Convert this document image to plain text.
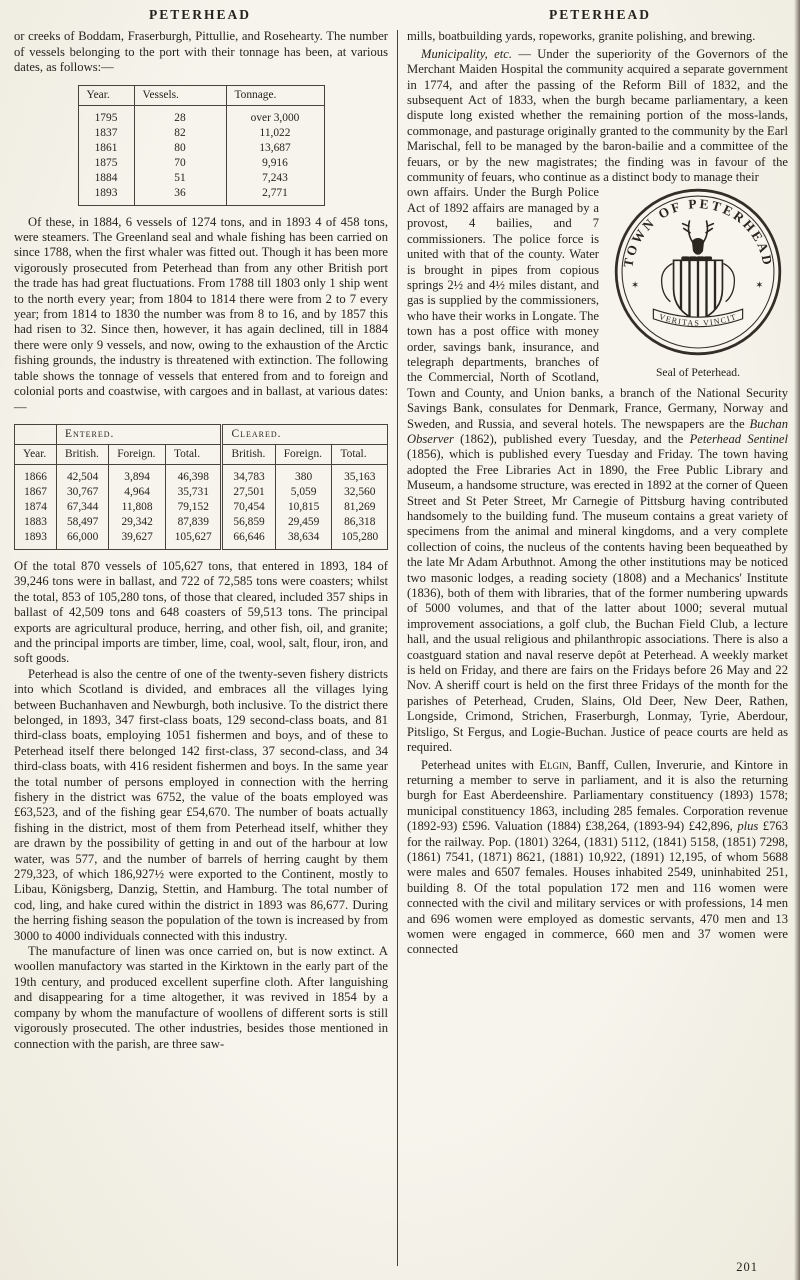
PETERHEAD	PETERHEAD

or creeks of Boddam, Fraserburgh, Pittullie, and Rosehearty. The number of vessels belonging to the port with their tonnage has been, at various dates, as follows:—

Year.	Vessels.	Tonnage.
1795	28	over 3,000
1837	82	11,022
1861	80	13,687
1875	70	9,916
1884	51	7,243
1893	36	2,771

Of these, in 1884, 6 vessels of 1274 tons, and in 1893 4 of 458 tons, were steamers. The Greenland seal and whale fishing has been carried on since 1788, when the first whaler was fitted out. Though it has been more vigorously prosecuted from Peterhead than from any other British port the trade has had great fluctuations. From 1788 till 1803 only 1 ship went to the north every year; from 1804 to 1814 there were from 2 to 7 every year; from 1814 to 1830 the number was from 8 to 16, and by 1857 this had risen to 32. Since then, however, it has again declined, till in 1884 there were only 9 vessels, and now, owing to the exhaustion of the Arctic fishing grounds, the industry is threatened with extinction. The following table shows the tonnage of vessels that entered from and to foreign and colonial ports and coastwise, with cargoes and in ballast, at various dates:—

	Entered.			Cleared.		
Year.	British.	Foreign.	Total.	British.	Foreign.	Total.
1866	42,504	3,894	46,398	34,783	380	35,163
1867	30,767	4,964	35,731	27,501	5,059	32,560
1874	67,344	11,808	79,152	70,454	10,815	81,269
1883	58,497	29,342	87,839	56,859	29,459	86,318
1893	66,000	39,627	105,627	66,646	38,634	105,280

Of the total 870 vessels of 105,627 tons, that entered in 1893, 184 of 39,246 tons were in ballast, and 722 of 72,585 tons were coasters; whilst the total, 853 of 105,280 tons, of those that cleared, included 357 ships in ballast of 42,509 tons and 648 coasters of 59,513 tons. The principal exports are agricultural produce, herring, and other fish, oil, and granite; and the principal imports are timber, lime, coal, wool, salt, flour, iron, and soft goods.

Peterhead is also the centre of one of the twenty-seven fishery districts into which Scotland is divided, and embraces all the villages lying between Buchanhaven and Newburgh, both inclusive. To the district there belonged, in 1893, 347 first-class boats, 129 second-class boats, and 81 third-class boats, employing 1051 fishermen and boys, and of these to Peterhead itself there belonged 142 first-class, 37 second-class, and 34 third-class boats, with 416 resident fishermen and boys. In the same year the total number of persons employed in connection with the herring fishery in the district was 6752, the value of the boats employed was £63,523, and of the fishing gear £54,670. The number of boats actually fishing in the district, most of them from Peterhead itself, whither they are drawn by the possibility of getting in and out of the harbour at low water, was 577, and the number of barrels of herring caught by them 279,323, of which 186,927½ were exported to the Continent, mostly to Libau, Königsberg, Danzig, Stettin, and Hamburg. The total number of cod, ling, and hake cured within the district in 1893 was 86,677. During the herring fishing season the population of the town is increased by from 3000 to 4000 individuals connected with this industry.

The manufacture of linen was once carried on, but is now extinct. A woollen manufactory was started in the Kirktown in the early part of the 19th century, and produced excellent superfine cloth. After languishing and disappearing for a time altogether, it was revived in 1854 by a company by whom the manufacture of woollens of different sorts is still vigorously prosecuted. The other industries, besides those mentioned in connection with the parish, are three saw-

mills, boatbuilding yards, ropeworks, granite polishing, and brewing.

Municipality, etc. — Under the superiority of the Governors of the Merchant Maiden Hospital the community acquired a separate government in 1774, and after the passing of the Reform Bill of 1832, and the subsequent Act of 1833, when the burgh became parliamentary, a keen dispute long existed whether the remaining portion of the moss-lands, commonage, and pasturage originally granted to the community by the Earl Marischal, fell to be managed by the baron-bailie and a committee of the feuars, or by the new magistrates; the finding was in favour of the community of feuars, who continue as a distinct body to manage their

TOWN OF PETERHEAD
✶	✶
VERITAS VINCIT
Seal of Peterhead.
own affairs. Under the Burgh Police Act of 1892 affairs are managed by a provost, 4 bailies, and 7 commissioners. The police force is united with that of the county. Water is brought in pipes from copious springs 2½ and 4½ miles distant, and gas is supplied by the commissioners, who have their works in Longate. The town has a post office with money order, savings bank, insurance, and telegraph departments, branches of the Commercial, North of Scotland, Town and County, and Union banks, a branch of the National Security Savings Bank, consulates for Denmark, France, Germany, Norway and Sweden, and Russia, and several hotels. The newspapers are the Buchan Observer (1862), published every Tuesday, and the Peterhead Sentinel (1856), which is published every Tuesday and Friday. The town having adopted the Free Libraries Act in 1890, the Free Public Library and Museum, a handsome structure, was erected in 1892 at the corner of Queen Street and St Peter Street, Mr Carnegie of Pittsburg having contributed handsomely to the building fund. The museum contains a great variety of specimens from the animal and mineral kingdoms, and a very complete collection of coins, the nucleus of the contents having been bequeathed by the late Mr Adam Arbuthnot. Among the other institutions may be noticed two masonic lodges, a reading society (1808) and a Mechanics' Institute (1836), both of them with libraries, that of the former numbering upwards of 5000 volumes, and that of the latter about 1000; several mutual improvement associations, a golf club, the Buchan Field Club, a lecture hall, and the usual religious and philanthropic associations. There is also a coastguard station and naval reserve depôt at Peterhead. A weekly market is held on Friday, and there are fairs on the Fridays before 26 May and 22 Nov. A sheriff court is held on the first three Fridays of the month for the parishes of Peterhead, Cruden, Slains, Old Deer, New Deer, Rathen, Longside, Crimond, Strichen, Fraserburgh, Lonmay, Tyrie, Aberdour, Pitsligo, St Fergus, and Logie-Buchan. Justice of peace courts are held as required.

Peterhead unites with Elgin, Banff, Cullen, Inverurie, and Kintore in returning a member to serve in parliament, and it is also the returning burgh for East Aberdeenshire. Parliamentary constituency (1893) 1578; municipal constituency 1863, including 285 females. Corporation revenue (1892-93) £596. Valuation (1884) £38,264, (1893-94) £42,896, plus £763 for the railway. Pop. (1801) 3264, (1831) 5112, (1841) 5158, (1851) 7298, (1861) 7541, (1871) 8621, (1881) 10,922, (1891) 12,195, of whom 5688 were males and 6507 females. Houses inhabited 2549, uninhabited 251, building 8. Of the total population 172 men and 116 women were connected with the civil and military services or with professions, 14 men and 696 women were employed as domestic servants, 470 men and 13 women were engaged in commerce, 660 men and 37 women were connected

201
